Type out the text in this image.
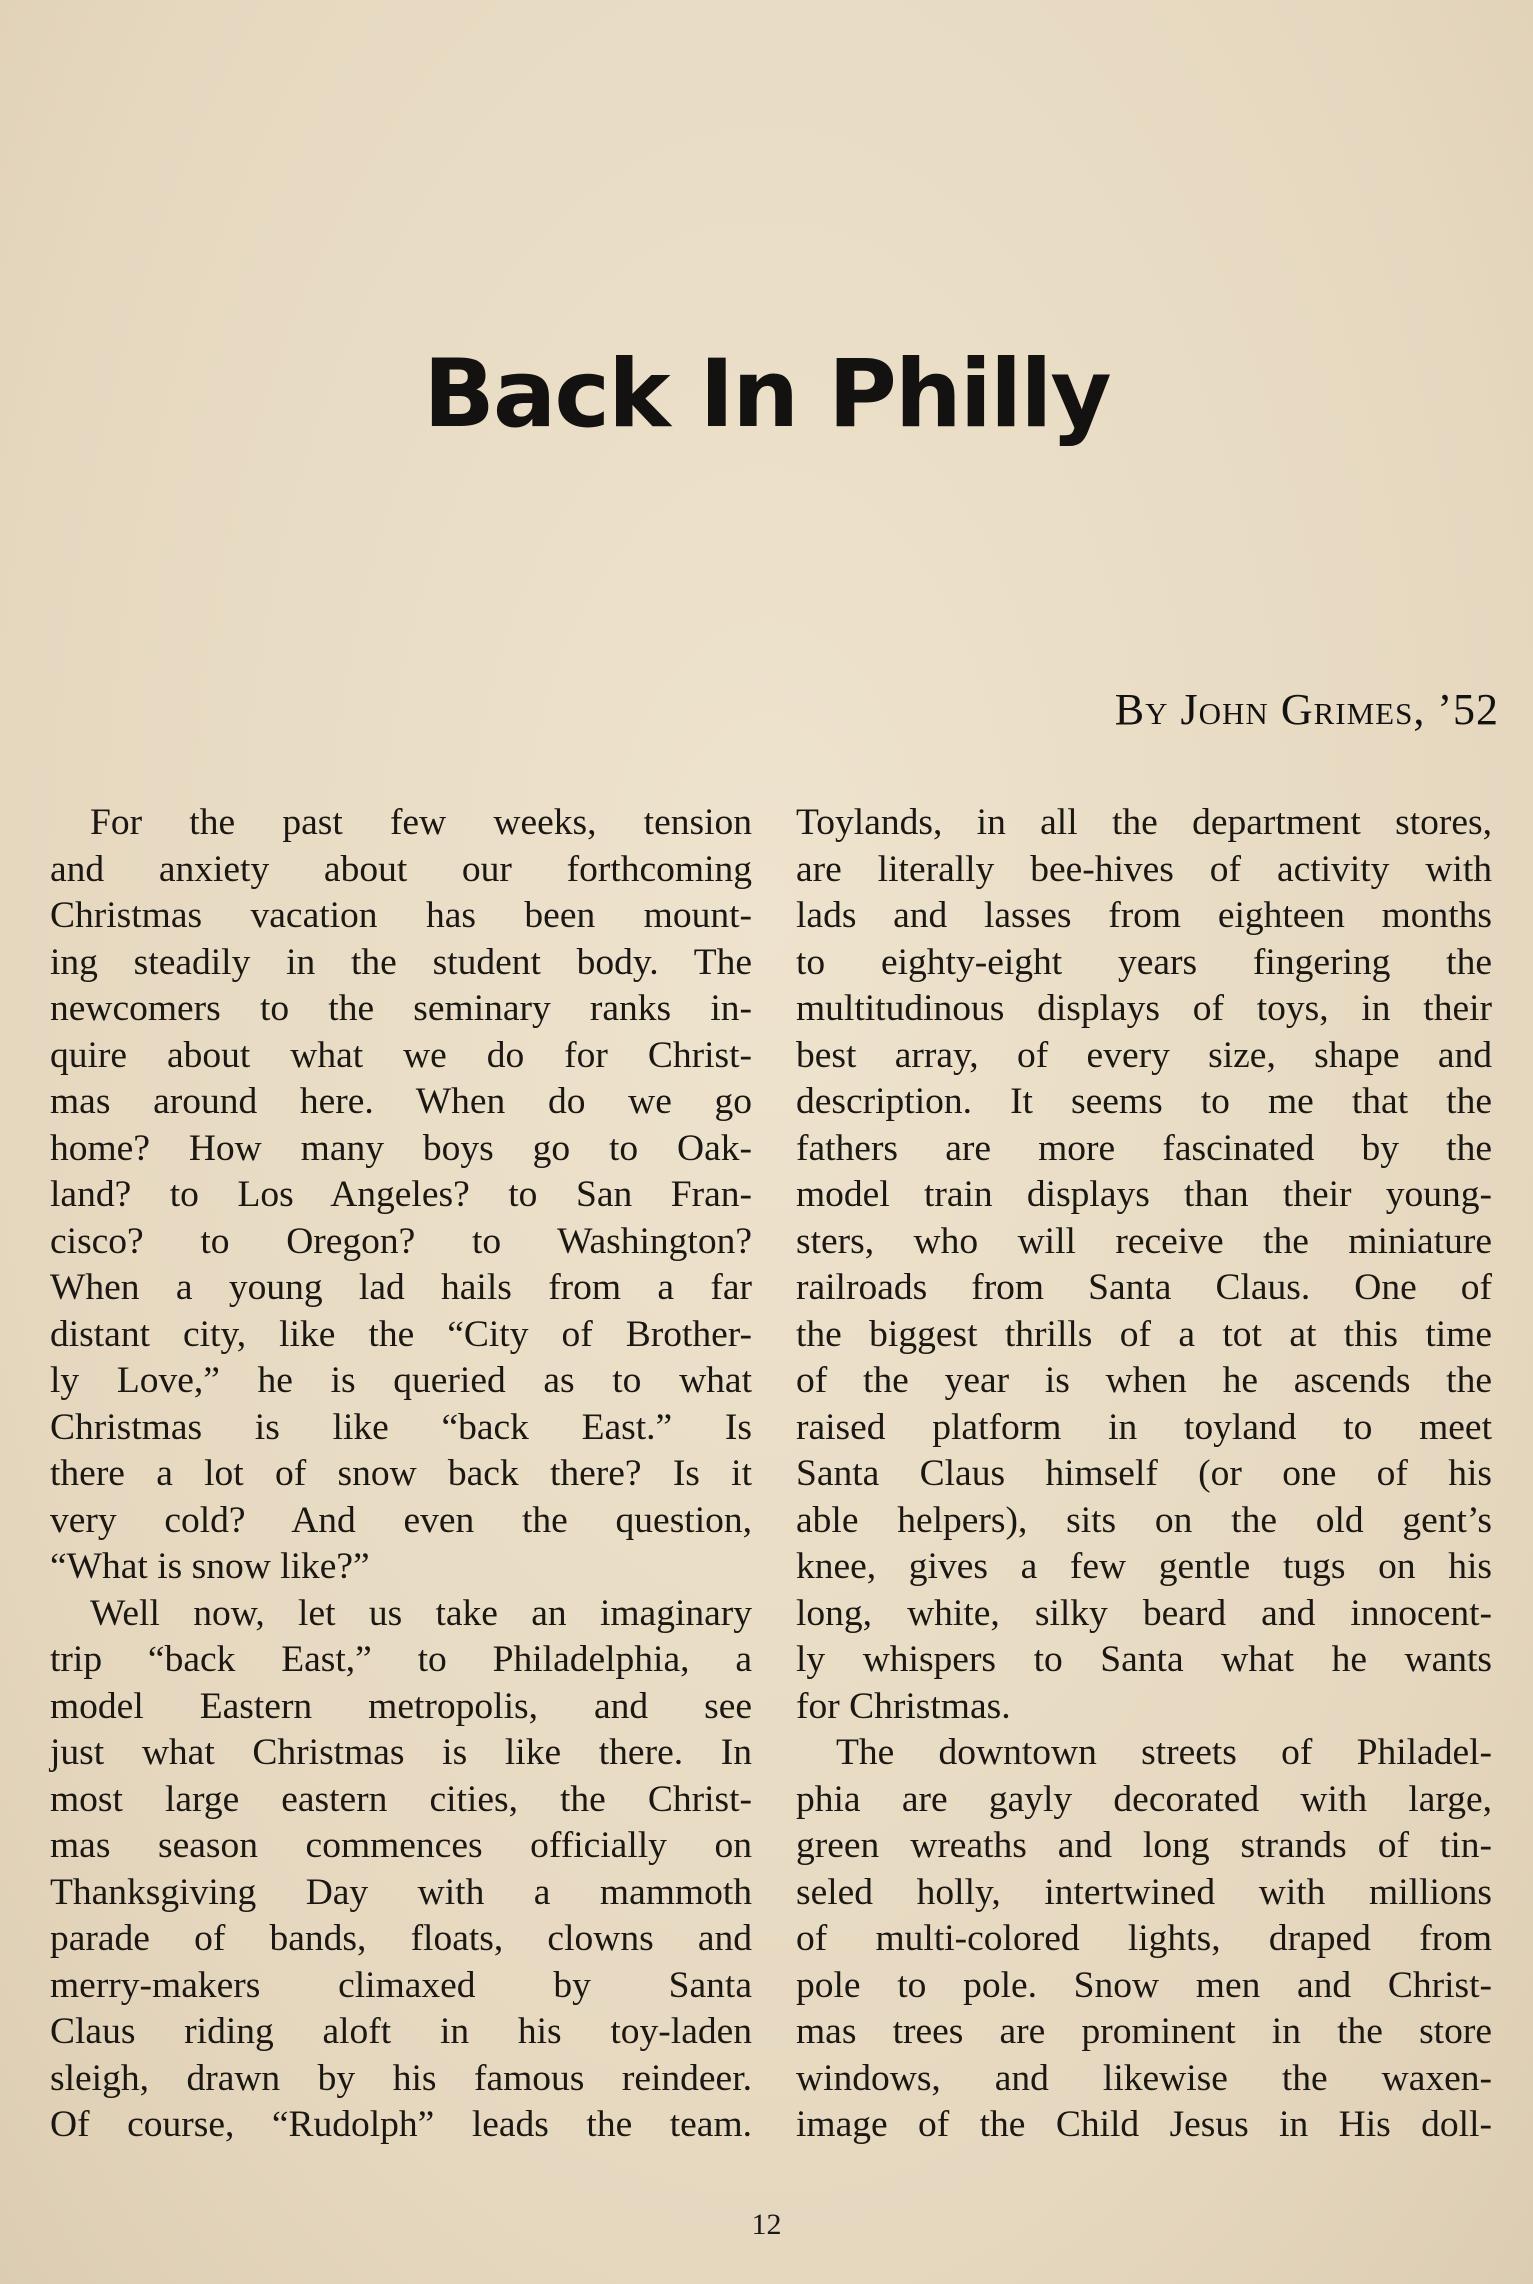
Back In Philly
By John Grimes, ’52
For the past few weeks, tension
and anxiety about our forthcoming
Christmas vacation has been mount-
ing steadily in the student body. The
newcomers to the seminary ranks in-
quire about what we do for Christ-
mas around here. When do we go
home? How many boys go to Oak-
land? to Los Angeles? to San Fran-
cisco? to Oregon? to Washington?
When a young lad hails from a far
distant city, like the “City of Brother-
ly Love,” he is queried as to what
Christmas is like “back East.” Is
there a lot of snow back there? Is it
very cold? And even the question,
“What is snow like?”
Well now, let us take an imaginary
trip “back East,” to Philadelphia, a
model Eastern metropolis, and see
just what Christmas is like there. In
most large eastern cities, the Christ-
mas season commences officially on
Thanksgiving Day with a mammoth
parade of bands, floats, clowns and
merry-makers climaxed by Santa
Claus riding aloft in his toy-laden
sleigh, drawn by his famous reindeer.
Of course, “Rudolph” leads the team.
Toylands, in all the department stores,
are literally bee-hives of activity with
lads and lasses from eighteen months
to eighty-eight years fingering the
multitudinous displays of toys, in their
best array, of every size, shape and
description. It seems to me that the
fathers are more fascinated by the
model train displays than their young-
sters, who will receive the miniature
railroads from Santa Claus. One of
the biggest thrills of a tot at this time
of the year is when he ascends the
raised platform in toyland to meet
Santa Claus himself (or one of his
able helpers), sits on the old gent’s
knee, gives a few gentle tugs on his
long, white, silky beard and innocent-
ly whispers to Santa what he wants
for Christmas.
The downtown streets of Philadel-
phia are gayly decorated with large,
green wreaths and long strands of tin-
seled holly, intertwined with millions
of multi-colored lights, draped from
pole to pole. Snow men and Christ-
mas trees are prominent in the store
windows, and likewise the waxen-
image of the Child Jesus in His doll-
12
